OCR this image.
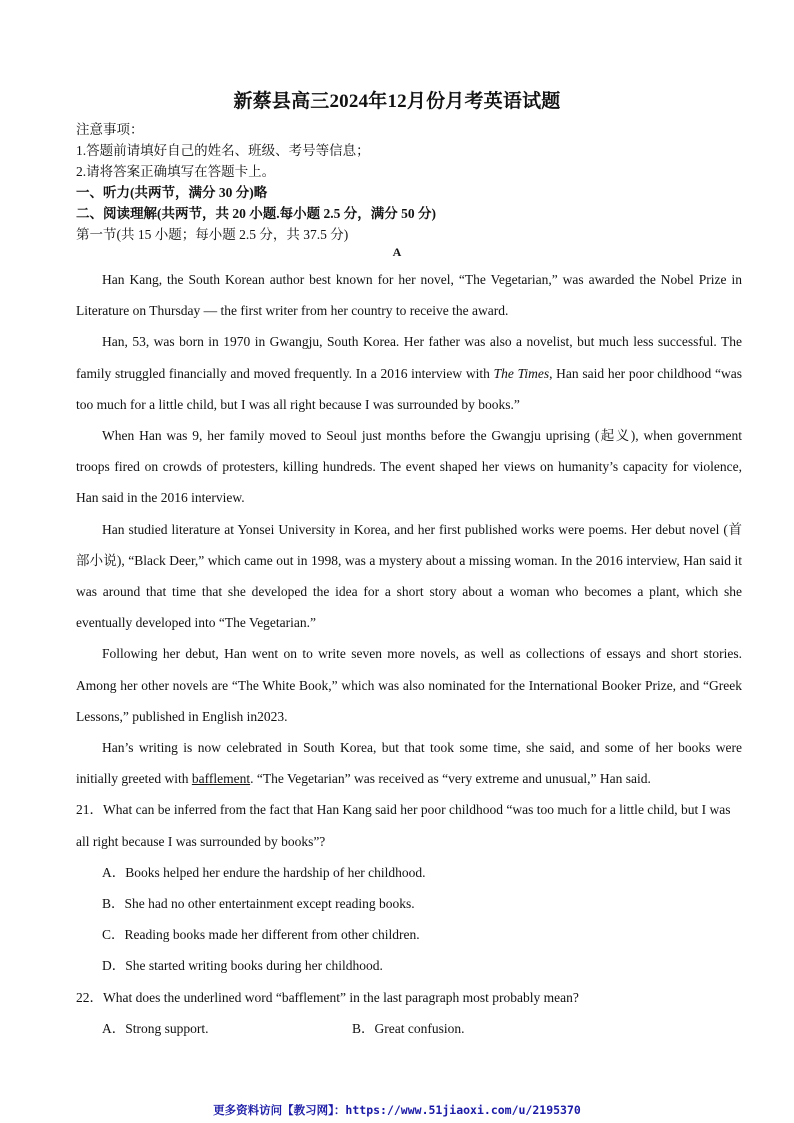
新蔡县高三2024年12月份月考英语试题
注意事项：
1.答题前请填好自己的姓名、班级、考号等信息；
2.请将答案正确填写在答题卡上。
一、听力(共两节，满分 30 分)略
二、阅读理解(共两节，共 20 小题.每小题 2.5 分，满分 50 分)
第一节(共 15 小题；每小题 2.5 分，共 37.5 分)
A

Han Kang, the South Korean author best known for her novel, “The Vegetarian,” was awarded the Nobel Prize in Literature on Thursday — the first writer from her country to receive the award.

Han, 53, was born in 1970 in Gwangju, South Korea. Her father was also a novelist, but much less successful. The family struggled financially and moved frequently. In a 2016 interview with The Times, Han said her poor childhood “was too much for a little child, but I was all right because I was surrounded by books.”

When Han was 9, her family moved to Seoul just months before the Gwangju uprising (起义), when government troops fired on crowds of protesters, killing hundreds. The event shaped her views on humanity’s capacity for violence, Han said in the 2016 interview.

Han studied literature at Yonsei University in Korea, and her first published works were poems. Her debut novel (首部小说), “Black Deer,” which came out in 1998, was a mystery about a missing woman. In the 2016 interview, Han said it was around that time that she developed the idea for a short story about a woman who becomes a plant, which she eventually developed into “The Vegetarian.”

Following her debut, Han went on to write seven more novels, as well as collections of essays and short stories. Among her other novels are “The White Book,” which was also nominated for the International Booker Prize, and “Greek Lessons,” published in English in2023.

Han’s writing is now celebrated in South Korea, but that took some time, she said, and some of her books were initially greeted with bafflement. “The Vegetarian” was received as “very extreme and unusual,” Han said.

21．What can be inferred from the fact that Han Kang said her poor childhood “was too much for a little child, but I was all right because I was surrounded by books”?

A．Books helped her endure the hardship of her childhood.

B．She had no other entertainment except reading books.

C．Reading books made her different from other children.

D．She started writing books during her childhood.

22．What does the underlined word “bafflement” in the last paragraph most probably mean?

A．Strong support.	B．Great confusion.
更多资料访问【教习网】：https://www.51jiaoxi.com/u/2195370
